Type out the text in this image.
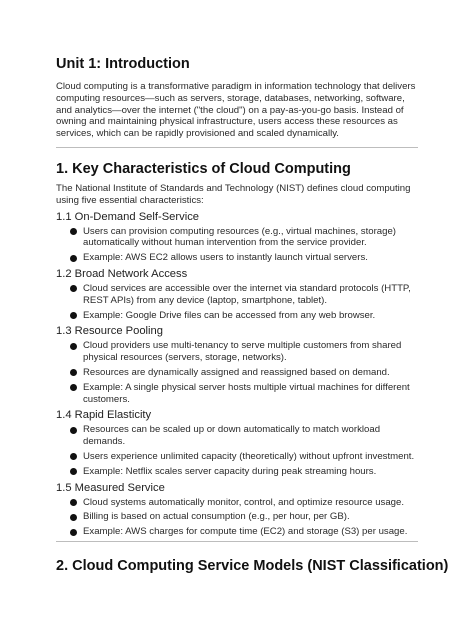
Unit 1: Introduction

Cloud computing is a transformative paradigm in information technology that delivers computing resources—such as servers, storage, databases, networking, software, and analytics—over the internet ("the cloud") on a pay-as-you-go basis. Instead of owning and maintaining physical infrastructure, users access these resources as services, which can be rapidly provisioned and scaled dynamically.

1. Key Characteristics of Cloud Computing

The National Institute of Standards and Technology (NIST) defines cloud computing using five essential characteristics:

1.1 On-Demand Self-Service
Users can provision computing resources (e.g., virtual machines, storage) automatically without human intervention from the service provider.
Example: AWS EC2 allows users to instantly launch virtual servers.
1.2 Broad Network Access
Cloud services are accessible over the internet via standard protocols (HTTP, REST APIs) from any device (laptop, smartphone, tablet).
Example: Google Drive files can be accessed from any web browser.
1.3 Resource Pooling
Cloud providers use multi-tenancy to serve multiple customers from shared physical resources (servers, storage, networks).
Resources are dynamically assigned and reassigned based on demand.
Example: A single physical server hosts multiple virtual machines for different customers.
1.4 Rapid Elasticity
Resources can be scaled up or down automatically to match workload demands.
Users experience unlimited capacity (theoretically) without upfront investment.
Example: Netflix scales server capacity during peak streaming hours.
1.5 Measured Service
Cloud systems automatically monitor, control, and optimize resource usage.
Billing is based on actual consumption (e.g., per hour, per GB).
Example: AWS charges for compute time (EC2) and storage (S3) per usage.
2. Cloud Computing Service Models (NIST Classification)
